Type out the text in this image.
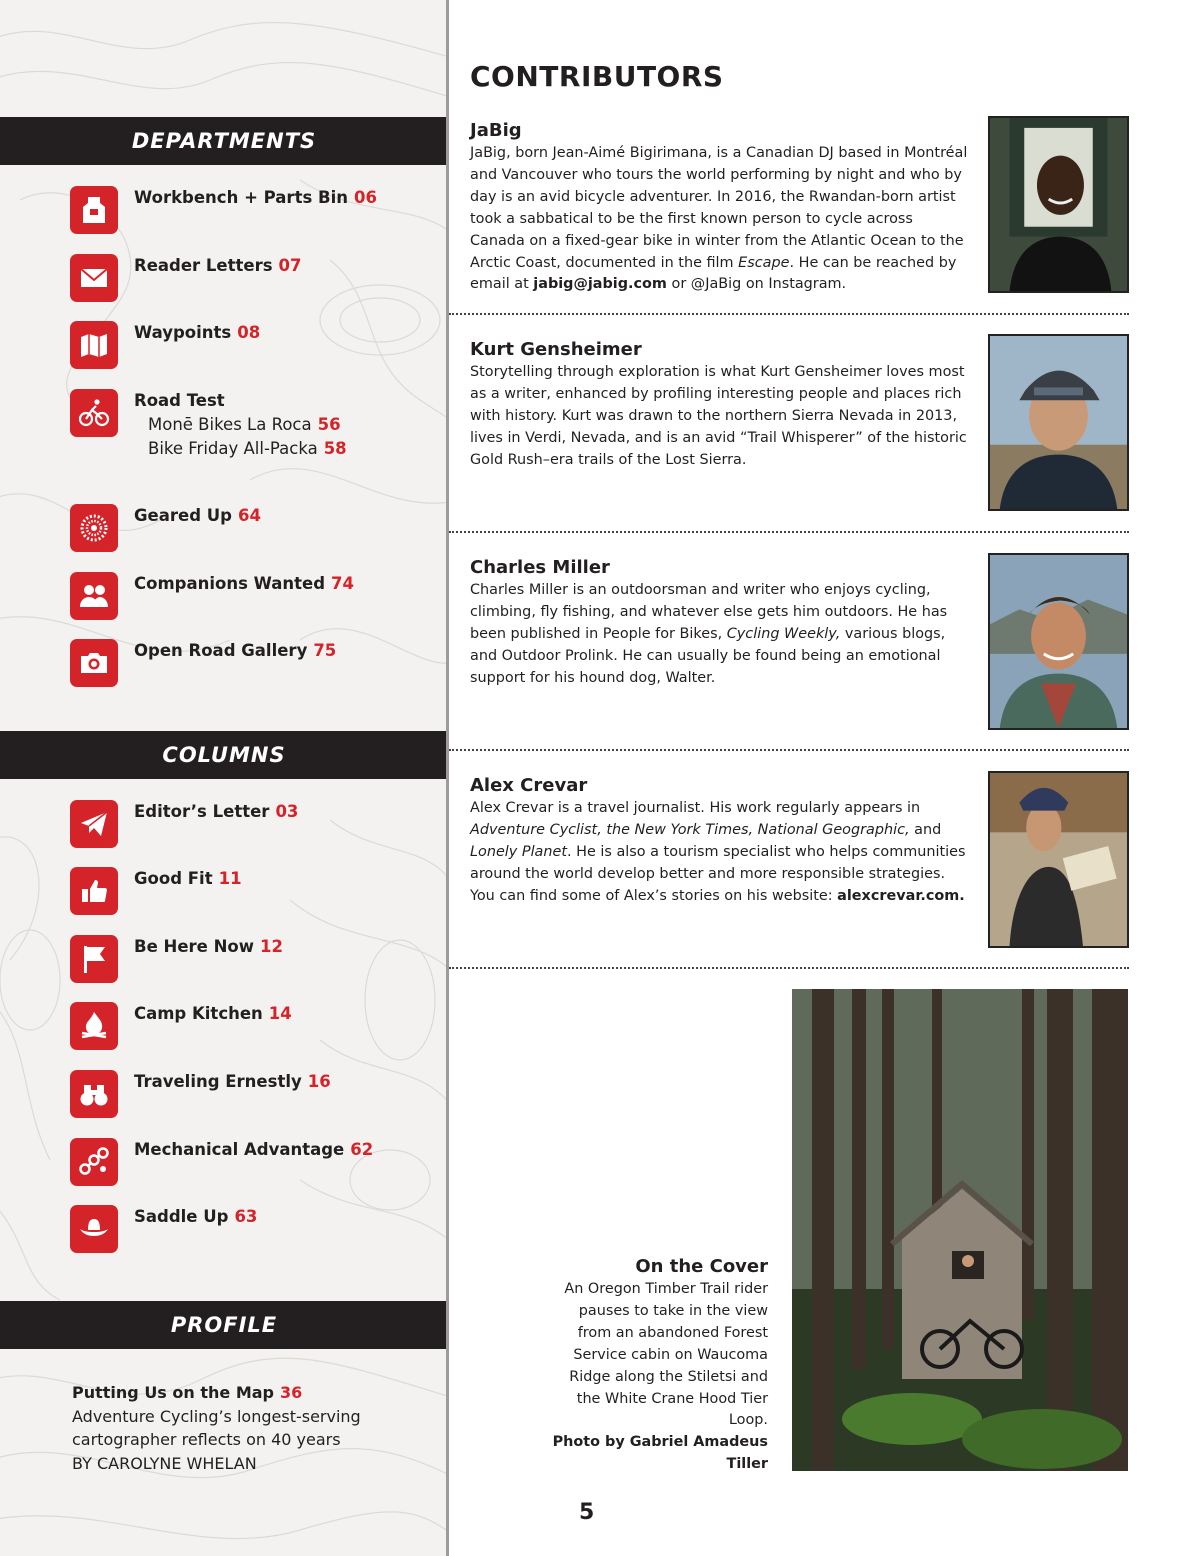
DEPARTMENTS
Workbench + Parts Bin 06
Reader Letters 07
Waypoints 08
Road Test
Monē Bikes La Roca 56
Bike Friday All-Packa 58
Geared Up 64
Companions Wanted 74
Open Road Gallery 75
COLUMNS
Editor’s Letter 03
Good Fit 11
Be Here Now 12
Camp Kitchen 14
Traveling Ernestly 16
Mechanical Advantage 62
Saddle Up 63
PROFILE
Putting Us on the Map 36
Adventure Cycling’s longest-serving
cartographer reflects on 40 years
BY CAROLYNE WHELAN
CONTRIBUTORS
JaBig
JaBig, born Jean-Aimé Bigirimana, is a Canadian DJ based in Montréal and Vancouver who tours the world performing by night and who by day is an avid bicycle adventurer. In 2016, the Rwandan-born artist took a sabbatical to be the first known person to cycle across Canada on a fixed-gear bike in winter from the Atlantic Ocean to the Arctic Coast, documented in the film Escape. He can be reached by email at jabig@jabig.com or @JaBig on Instagram.
Kurt Gensheimer
Storytelling through exploration is what Kurt Gensheimer loves most as a writer, enhanced by profiling interesting people and places rich with history. Kurt was drawn to the northern Sierra Nevada in 2013, lives in Verdi, Nevada, and is an avid “Trail Whisperer” of the historic Gold Rush–era trails of the Lost Sierra.
Charles Miller
Charles Miller is an outdoorsman and writer who enjoys cycling, climbing, fly fishing, and whatever else gets him outdoors. He has been published in People for Bikes, Cycling Weekly, various blogs, and Outdoor Prolink. He can usually be found being an emotional support for his hound dog, Walter.
Alex Crevar
Alex Crevar is a travel journalist. His work regularly appears in Adventure Cyclist, the New York Times, National Geographic, and Lonely Planet. He is also a tourism specialist who helps communities around the world develop better and more responsible strategies. You can find some of Alex’s stories on his website: alexcrevar.com.
On the Cover
An Oregon Timber Trail rider pauses to take in the view from an abandoned Forest Service cabin on Waucoma Ridge along the Stiletsi and the White Crane Hood Tier Loop.
Photo by Gabriel Amadeus Tiller
5
